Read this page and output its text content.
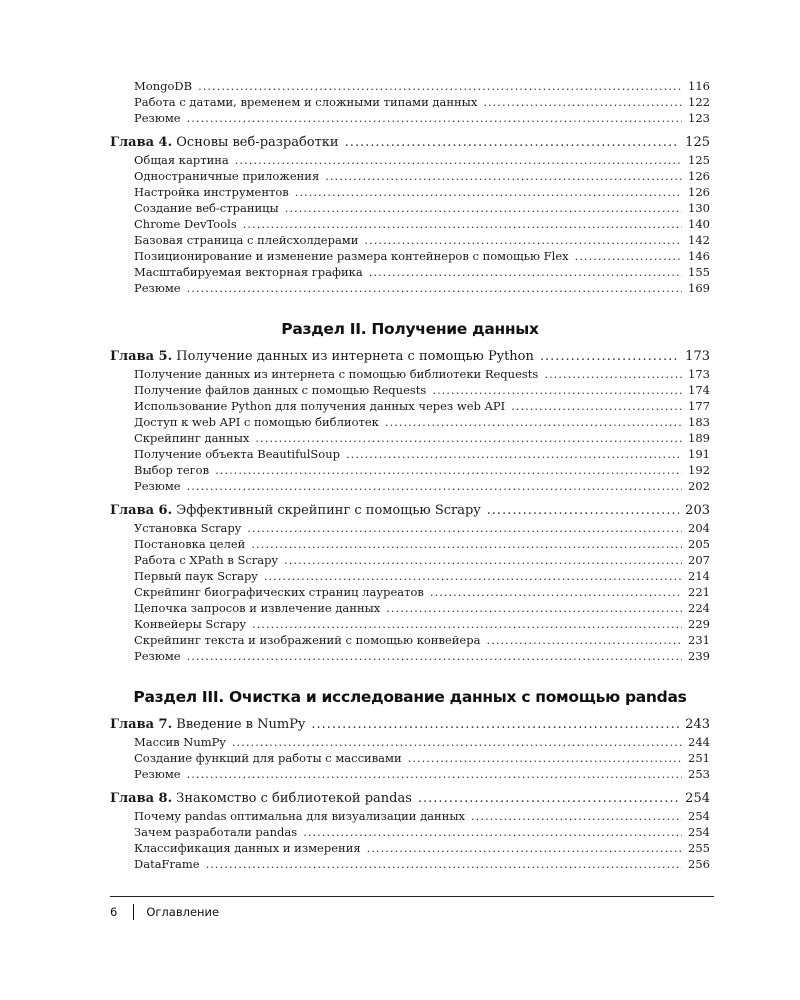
MongoDB .....	116
Работа с датами, временем и сложными типами данных .....	122
Резюме .....	123
Глава 4. Основы веб-разработки .....	125
Общая картина .....	125
Одностраничные приложения .....	126
Настройка инструментов .....	126
Создание веб-страницы .....	130
Chrome DevTools .....	140
Базовая страница с плейсхолдерами .....	142
Позиционирование и изменение размера контейнеров с помощью Flex .....	146
Масштабируемая векторная графика .....	155
Резюме .....	169
Раздел II. Получение данных
Глава 5. Получение данных из интернета с помощью Python .....	173
Получение данных из интернета с помощью библиотеки Requests .....	173
Получение файлов данных с помощью Requests .....	174
Использование Python для получения данных через web API .....	177
Доступ к web API с помощью библиотек .....	183
Скрейпинг данных .....	189
Получение объекта BeautifulSoup .....	191
Выбор тегов .....	192
Резюме .....	202
Глава 6. Эффективный скрейпинг с помощью Scrapy .....	203
Установка Scrapy .....	204
Постановка целей .....	205
Работа с XPath в Scrapy .....	207
Первый паук Scrapy .....	214
Скрейпинг биографических страниц лауреатов .....	221
Цепочка запросов и извлечение данных .....	224
Конвейеры Scrapy .....	229
Скрейпинг текста и изображений с помощью конвейера .....	231
Резюме .....	239
Раздел III. Очистка и исследование данных с помощью pandas
Глава 7. Введение в NumPy .....	243
Массив NumPy .....	244
Создание функций для работы с массивами .....	251
Резюме .....	253
Глава 8. Знакомство с библиотекой pandas .....	254
Почему pandas оптимальна для визуализации данных .....	254
Зачем разработали pandas .....	254
Классификация данных и измерения .....	255
DataFrame .....	256
6	Оглавление
